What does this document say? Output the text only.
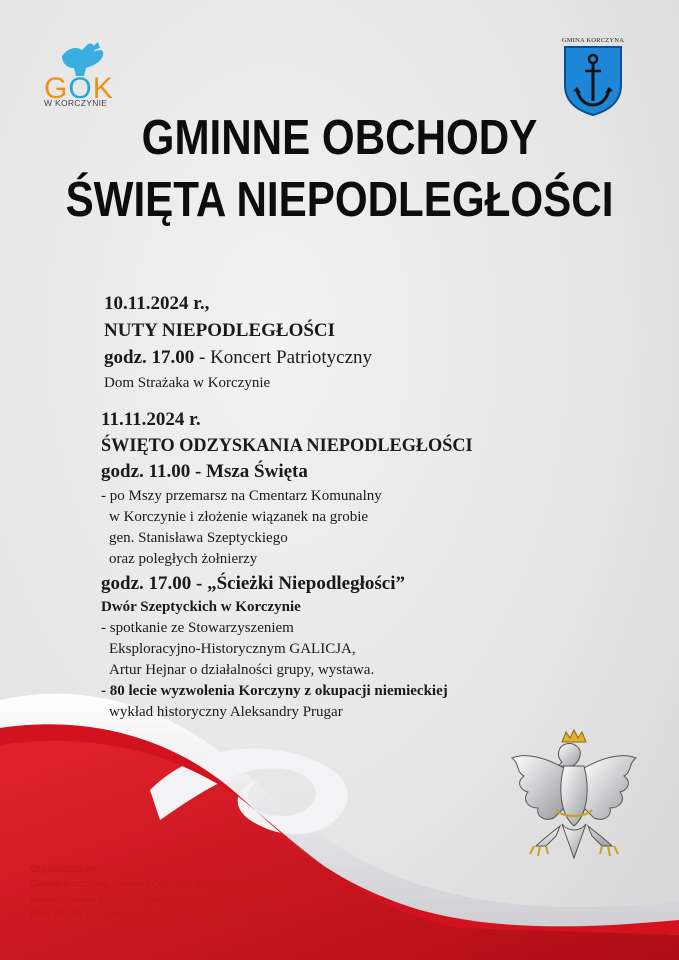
GOK
W KORCZYNIE
GMINA KORCZYNA
GMINNE OBCHODY
ŚWIĘTA NIEPODLEGŁOŚCI
10.11.2024 r.,
NUTY NIEPODLEGŁOŚCI
godz. 17.00 - Koncert Patriotyczny
Dom Strażaka w Korczynie
11.11.2024 r.
ŚWIĘTO ODZYSKANIA NIEPODLEGŁOŚCI
godz. 11.00 - Msza Święta
- po Mszy przemarsz na Cmentarz Komunalny
w Korczynie i złożenie wiązanek na grobie
gen. Stanisława Szeptyckiego
oraz poległych żołnierzy
godz. 17.00 - „Ścieżki Niepodległości”
Dwór Szeptyckich w Korczynie
- spotkanie ze Stowarzyszeniem
Eksploracyjno-Historycznym GALICJA,
Artur Hejnar o działalności grupy, wystawa.
- 80 lecie wyzwolenia Korczyny z okupacji niemieckiej
wykład historyczny Aleksandry Prugar
Organizatorzy:
Gmina Korczyna, Gminny Ośrodek Kultury w Korczynie,
Stowarzyszenie Eksploracyjno-Historycznym GALICJA,
Koło SMZK w Korczynie, Dzienny Dom Senior-Wigor w Korczynie.
